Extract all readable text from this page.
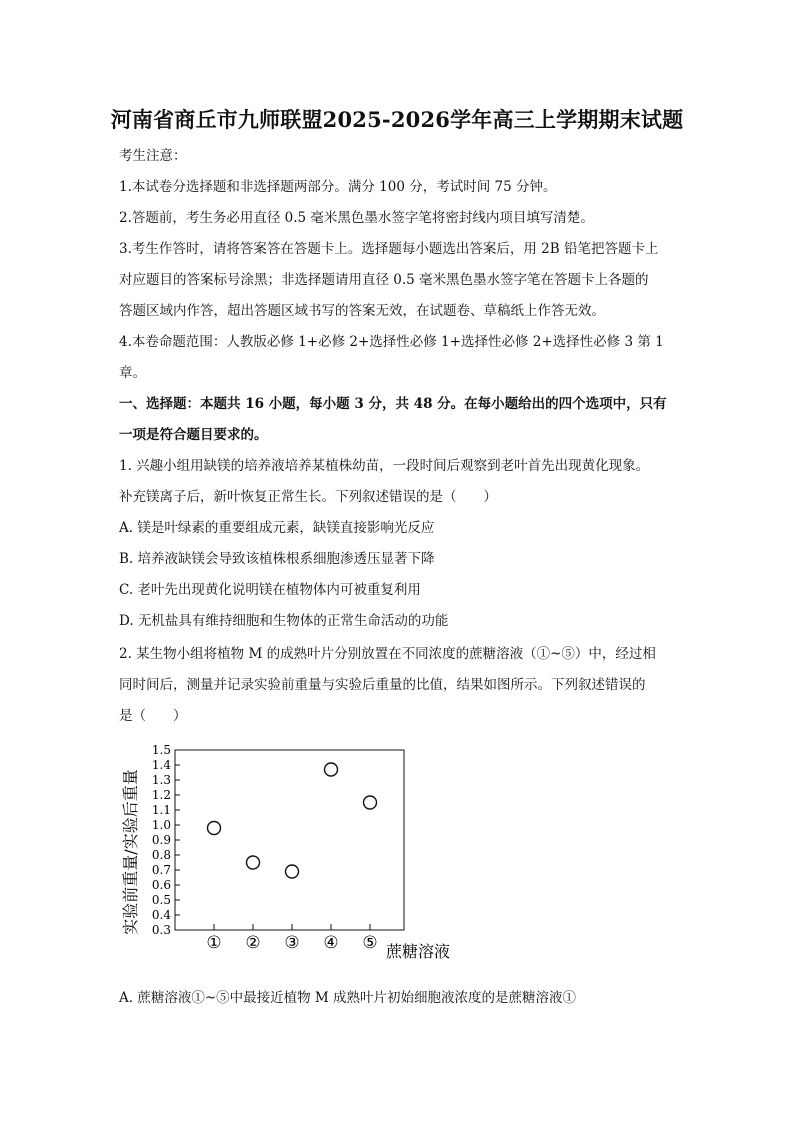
河南省商丘市九师联盟2025-2026学年高三上学期期末试题
考生注意：
1.本试卷分选择题和非选择题两部分。满分 100 分，考试时间 75 分钟。
2.答题前，考生务必用直径 0.5 毫米黑色墨水签字笔将密封线内项目填写清楚。
3.考生作答时，请将答案答在答题卡上。选择题每小题选出答案后，用 2B 铅笔把答题卡上
对应题目的答案标号涂黑；非选择题请用直径 0.5 毫米黑色墨水签字笔在答题卡上各题的
答题区域内作答，超出答题区域书写的答案无效，在试题卷、草稿纸上作答无效。
4.本卷命题范围：人教版必修 1+必修 2+选择性必修 1+选择性必修 2+选择性必修 3 第 1
章。
一、选择题：本题共 16 小题，每小题 3 分，共 48 分。在每小题给出的四个选项中，只有
一项是符合题目要求的。
1. 兴趣小组用缺镁的培养液培养某植株幼苗，一段时间后观察到老叶首先出现黄化现象。
补充镁离子后，新叶恢复正常生长。下列叙述错误的是（　　）
A. 镁是叶绿素的重要组成元素，缺镁直接影响光反应
B. 培养液缺镁会导致该植株根系细胞渗透压显著下降
C. 老叶先出现黄化说明镁在植物体内可被重复利用
D. 无机盐具有维持细胞和生物体的正常生命活动的功能
2. 某生物小组将植物 M 的成熟叶片分别放置在不同浓度的蔗糖溶液（①~⑤）中，经过相
同时间后，测量并记录实验前重量与实验后重量的比值，结果如图所示。下列叙述错误的
是（　　）
0.3
0.4
0.5
0.6
0.7
0.8
0.9
1.0
1.1
1.2
1.3
1.4
1.5
① ② ③ ④ ⑤ 蔗糖溶液
实验前重量/实验后重量
A. 蔗糖溶液①~⑤中最接近植物 M 成熟叶片初始细胞液浓度的是蔗糖溶液①
